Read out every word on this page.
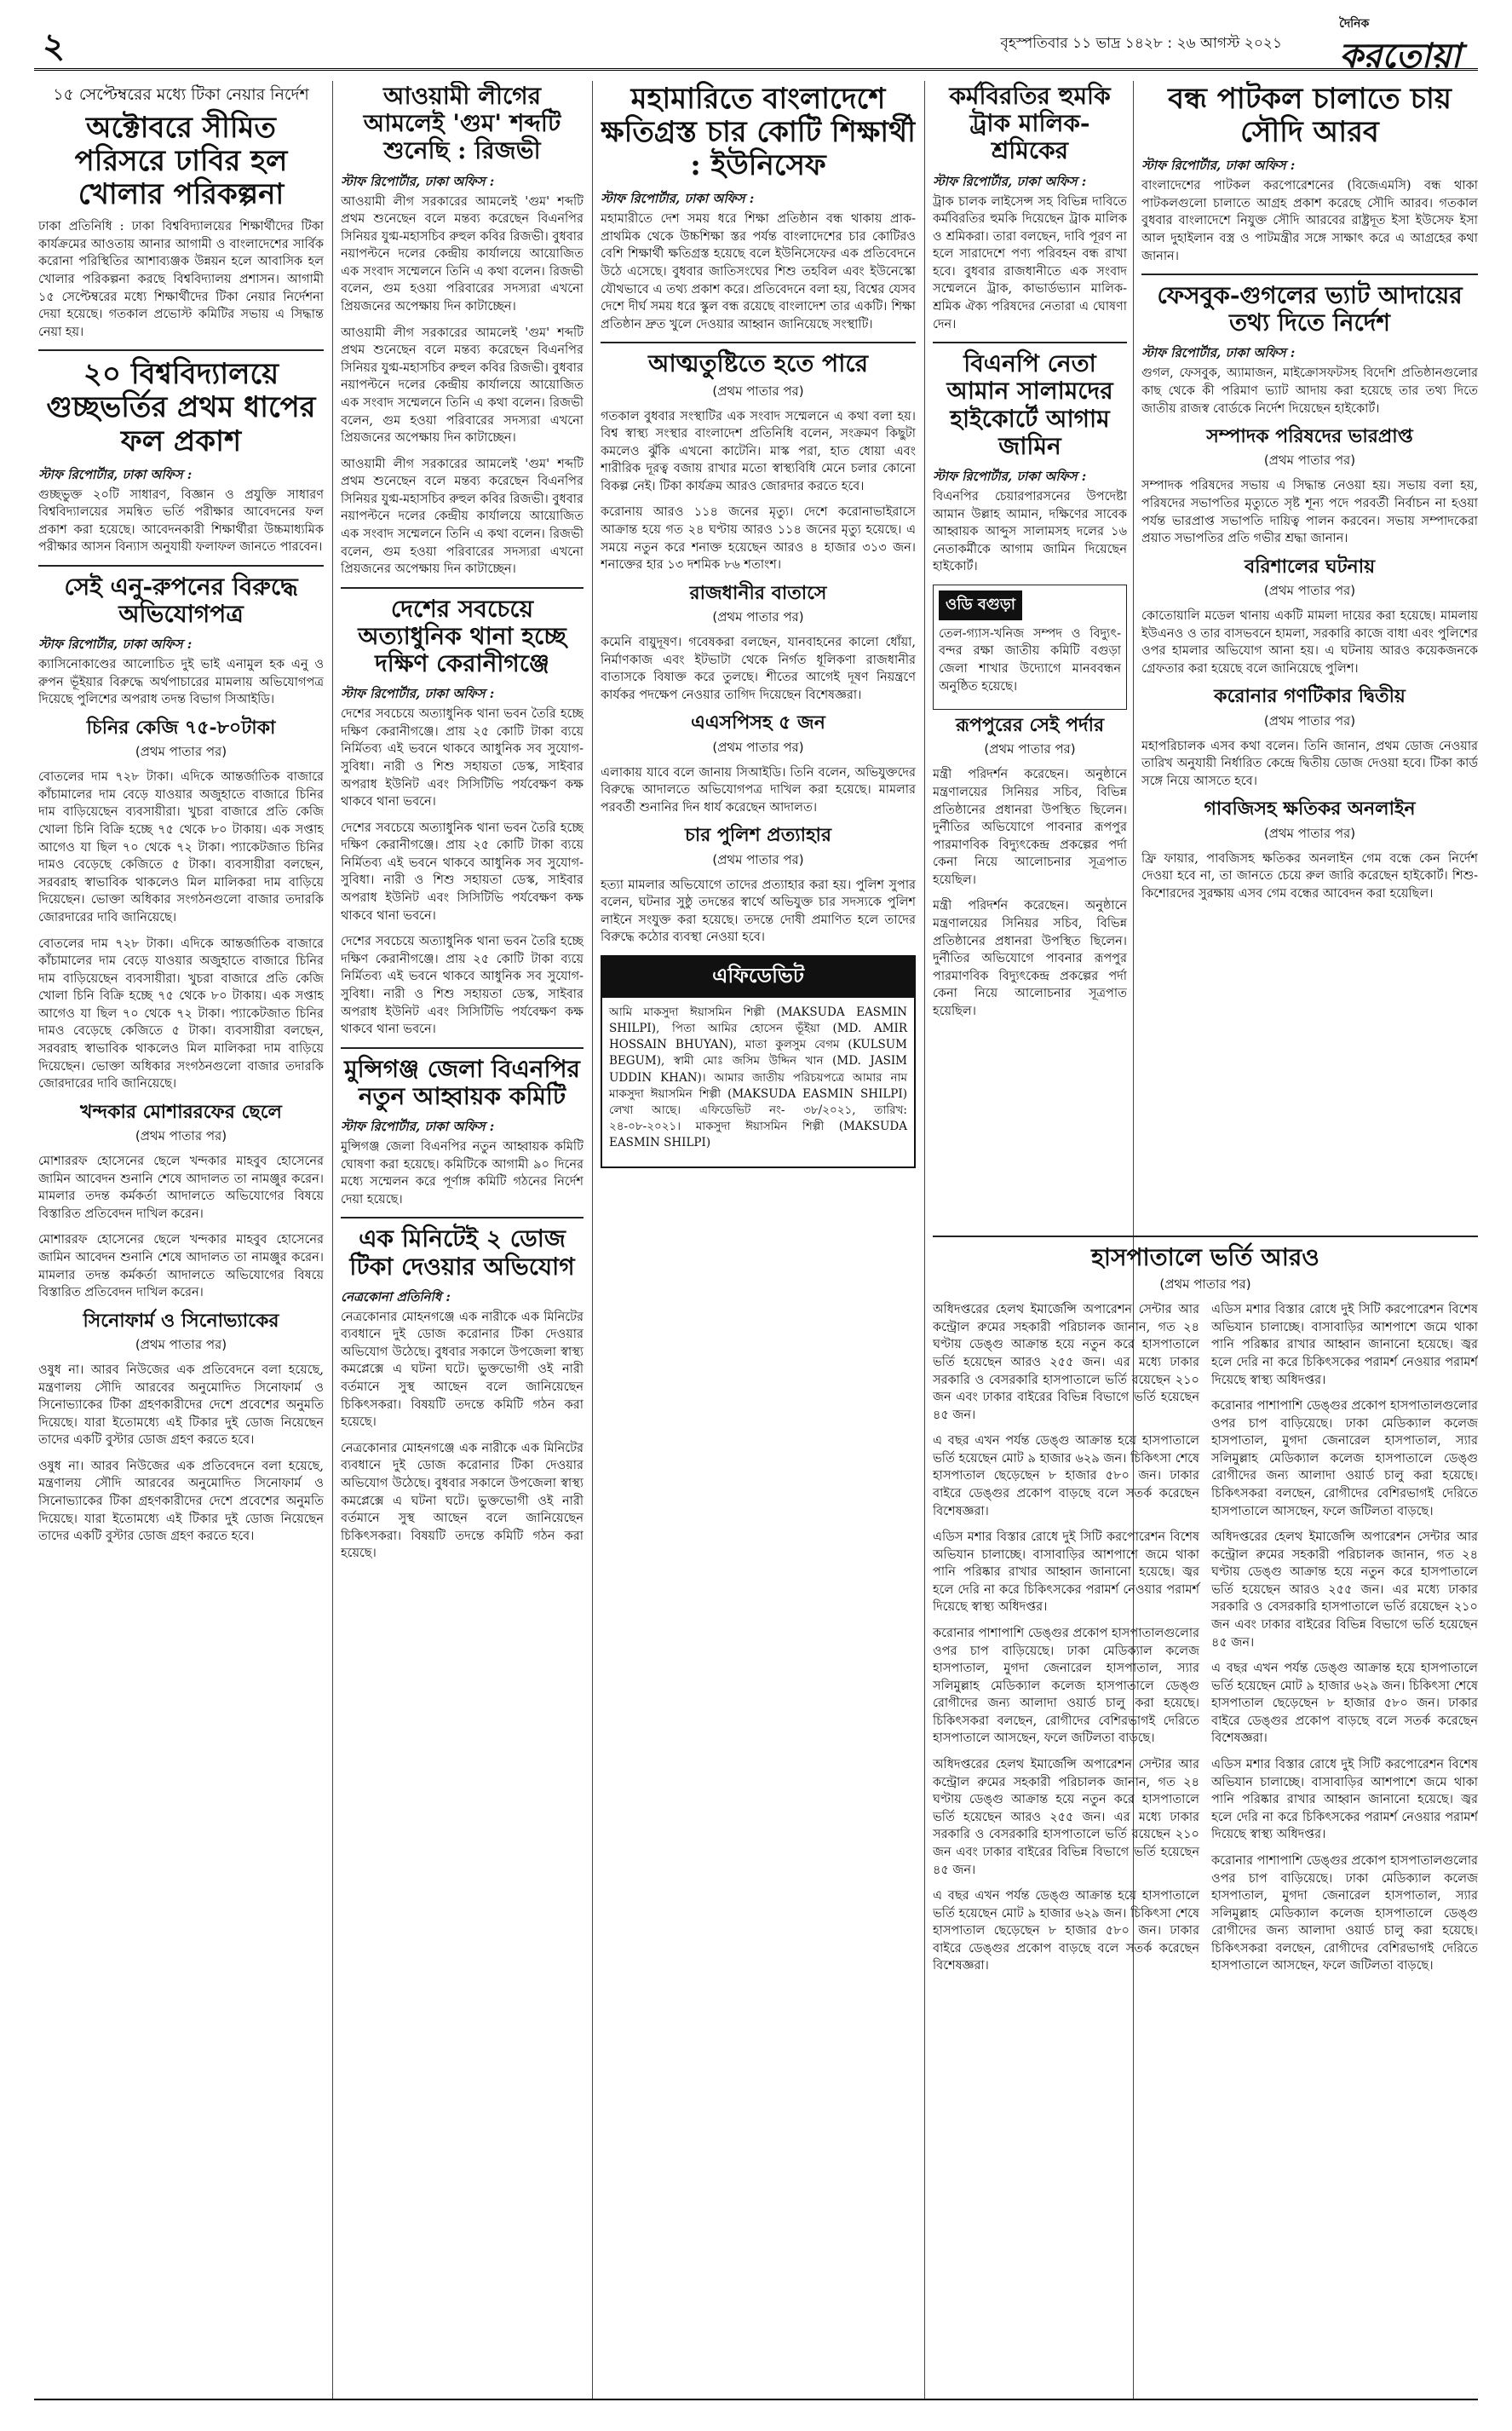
২	বৃহস্পতিবার ১১ ভাদ্র ১৪২৮ : ২৬ আগস্ট ২০২১
দৈনিক
করতোয়া
১৫ সেপ্টেম্বরের মধ্যে টিকা নেয়ার নির্দেশ
অক্টোবরে সীমিত পরিসরে ঢাবির হল খোলার পরিকল্পনা

ঢাকা প্রতিনিধি : ঢাকা বিশ্ববিদ্যালয়ের শিক্ষার্থীদের টিকা কার্যক্রমের আওতায় আনার আগামী ও বাংলাদেশের সার্বিক করোনা পরিস্থিতির আশাব্যঞ্জক উন্নয়ন হলে আবাসিক হল খোলার পরিকল্পনা করছে বিশ্ববিদ্যালয় প্রশাসন। আগামী ১৫ সেপ্টেম্বরের মধ্যে শিক্ষার্থীদের টিকা নেয়ার নির্দেশনা দেয়া হয়েছে। গতকাল প্রভোস্ট কমিটির সভায় এ সিদ্ধান্ত নেয়া হয়।

২০ বিশ্ববিদ্যালয়ে গুচ্ছভর্তির প্রথম ধাপের ফল প্রকাশ
স্টাফ রিপোর্টার, ঢাকা অফিস :

গুচ্ছভুক্ত ২০টি সাধারণ, বিজ্ঞান ও প্রযুক্তি সাধারণ বিশ্ববিদ্যালয়ের সমন্বিত ভর্তি পরীক্ষার আবেদনের ফল প্রকাশ করা হয়েছে। আবেদনকারী শিক্ষার্থীরা উচ্চমাধ্যমিক পরীক্ষার আসন বিন্যাস অনুযায়ী ফলাফল জানতে পারবেন।

সেই এনু-রুপনের বিরুদ্ধে অভিযোগপত্র
স্টাফ রিপোর্টার, ঢাকা অফিস :

ক্যাসিনোকাণ্ডের আলোচিত দুই ভাই এনামুল হক এনু ও রুপন ভূঁইয়ার বিরুদ্ধে অর্থপাচারের মামলায় অভিযোগপত্র দিয়েছে পুলিশের অপরাধ তদন্ত বিভাগ সিআইডি।

চিনির কেজি ৭৫-৮০টাকা
(প্রথম পাতার পর)

বোতলের দাম ৭২৮ টাকা। এদিকে আন্তর্জাতিক বাজারে কাঁচামালের দাম বেড়ে যাওয়ার অজুহাতে বাজারে চিনির দাম বাড়িয়েছেন ব্যবসায়ীরা। খুচরা বাজারে প্রতি কেজি খোলা চিনি বিক্রি হচ্ছে ৭৫ থেকে ৮০ টাকায়। এক সপ্তাহ আগেও যা ছিল ৭০ থেকে ৭২ টাকা। প্যাকেটজাত চিনির দামও বেড়েছে কেজিতে ৫ টাকা। ব্যবসায়ীরা বলছেন, সরবরাহ স্বাভাবিক থাকলেও মিল মালিকরা দাম বাড়িয়ে দিয়েছেন। ভোক্তা অধিকার সংগঠনগুলো বাজার তদারকি জোরদারের দাবি জানিয়েছে।

বোতলের দাম ৭২৮ টাকা। এদিকে আন্তর্জাতিক বাজারে কাঁচামালের দাম বেড়ে যাওয়ার অজুহাতে বাজারে চিনির দাম বাড়িয়েছেন ব্যবসায়ীরা। খুচরা বাজারে প্রতি কেজি খোলা চিনি বিক্রি হচ্ছে ৭৫ থেকে ৮০ টাকায়। এক সপ্তাহ আগেও যা ছিল ৭০ থেকে ৭২ টাকা। প্যাকেটজাত চিনির দামও বেড়েছে কেজিতে ৫ টাকা। ব্যবসায়ীরা বলছেন, সরবরাহ স্বাভাবিক থাকলেও মিল মালিকরা দাম বাড়িয়ে দিয়েছেন। ভোক্তা অধিকার সংগঠনগুলো বাজার তদারকি জোরদারের দাবি জানিয়েছে।

খন্দকার মোশাররফের ছেলে
(প্রথম পাতার পর)

মোশাররফ হোসেনের ছেলে খন্দকার মাহবুব হোসেনের জামিন আবেদন শুনানি শেষে আদালত তা নামঞ্জুর করেন। মামলার তদন্ত কর্মকর্তা আদালতে অভিযোগের বিষয়ে বিস্তারিত প্রতিবেদন দাখিল করেন।

মোশাররফ হোসেনের ছেলে খন্দকার মাহবুব হোসেনের জামিন আবেদন শুনানি শেষে আদালত তা নামঞ্জুর করেন। মামলার তদন্ত কর্মকর্তা আদালতে অভিযোগের বিষয়ে বিস্তারিত প্রতিবেদন দাখিল করেন।

সিনোফার্ম ও সিনোভ্যাকের
(প্রথম পাতার পর)

ওষুধ না। আরব নিউজের এক প্রতিবেদনে বলা হয়েছে, মন্ত্রণালয় সৌদি আরবের অনুমোদিত সিনোফার্ম ও সিনোভ্যাকের টিকা গ্রহণকারীদের দেশে প্রবেশের অনুমতি দিয়েছে। যারা ইতোমধ্যে এই টিকার দুই ডোজ নিয়েছেন তাদের একটি বুস্টার ডোজ গ্রহণ করতে হবে।

ওষুধ না। আরব নিউজের এক প্রতিবেদনে বলা হয়েছে, মন্ত্রণালয় সৌদি আরবের অনুমোদিত সিনোফার্ম ও সিনোভ্যাকের টিকা গ্রহণকারীদের দেশে প্রবেশের অনুমতি দিয়েছে। যারা ইতোমধ্যে এই টিকার দুই ডোজ নিয়েছেন তাদের একটি বুস্টার ডোজ গ্রহণ করতে হবে।

আওয়ামী লীগের আমলেই 'গুম' শব্দটি শুনেছি : রিজভী
স্টাফ রিপোর্টার, ঢাকা অফিস :

আওয়ামী লীগ সরকারের আমলেই 'গুম' শব্দটি প্রথম শুনেছেন বলে মন্তব্য করেছেন বিএনপির সিনিয়র যুগ্ম-মহাসচিব রুহুল কবির রিজভী। বুধবার নয়াপল্টনে দলের কেন্দ্রীয় কার্যালয়ে আয়োজিত এক সংবাদ সম্মেলনে তিনি এ কথা বলেন। রিজভী বলেন, গুম হওয়া পরিবারের সদস্যরা এখনো প্রিয়জনের অপেক্ষায় দিন কাটাচ্ছেন।

আওয়ামী লীগ সরকারের আমলেই 'গুম' শব্দটি প্রথম শুনেছেন বলে মন্তব্য করেছেন বিএনপির সিনিয়র যুগ্ম-মহাসচিব রুহুল কবির রিজভী। বুধবার নয়াপল্টনে দলের কেন্দ্রীয় কার্যালয়ে আয়োজিত এক সংবাদ সম্মেলনে তিনি এ কথা বলেন। রিজভী বলেন, গুম হওয়া পরিবারের সদস্যরা এখনো প্রিয়জনের অপেক্ষায় দিন কাটাচ্ছেন।

আওয়ামী লীগ সরকারের আমলেই 'গুম' শব্দটি প্রথম শুনেছেন বলে মন্তব্য করেছেন বিএনপির সিনিয়র যুগ্ম-মহাসচিব রুহুল কবির রিজভী। বুধবার নয়াপল্টনে দলের কেন্দ্রীয় কার্যালয়ে আয়োজিত এক সংবাদ সম্মেলনে তিনি এ কথা বলেন। রিজভী বলেন, গুম হওয়া পরিবারের সদস্যরা এখনো প্রিয়জনের অপেক্ষায় দিন কাটাচ্ছেন।

দেশের সবচেয়ে অত্যাধুনিক থানা হচ্ছে দক্ষিণ কেরানীগঞ্জে
স্টাফ রিপোর্টার, ঢাকা অফিস :

দেশের সবচেয়ে অত্যাধুনিক থানা ভবন তৈরি হচ্ছে দক্ষিণ কেরানীগঞ্জে। প্রায় ২৫ কোটি টাকা ব্যয়ে নির্মিতব্য এই ভবনে থাকবে আধুনিক সব সুযোগ-সুবিধা। নারী ও শিশু সহায়তা ডেস্ক, সাইবার অপরাধ ইউনিট এবং সিসিটিভি পর্যবেক্ষণ কক্ষ থাকবে থানা ভবনে।

দেশের সবচেয়ে অত্যাধুনিক থানা ভবন তৈরি হচ্ছে দক্ষিণ কেরানীগঞ্জে। প্রায় ২৫ কোটি টাকা ব্যয়ে নির্মিতব্য এই ভবনে থাকবে আধুনিক সব সুযোগ-সুবিধা। নারী ও শিশু সহায়তা ডেস্ক, সাইবার অপরাধ ইউনিট এবং সিসিটিভি পর্যবেক্ষণ কক্ষ থাকবে থানা ভবনে।

দেশের সবচেয়ে অত্যাধুনিক থানা ভবন তৈরি হচ্ছে দক্ষিণ কেরানীগঞ্জে। প্রায় ২৫ কোটি টাকা ব্যয়ে নির্মিতব্য এই ভবনে থাকবে আধুনিক সব সুযোগ-সুবিধা। নারী ও শিশু সহায়তা ডেস্ক, সাইবার অপরাধ ইউনিট এবং সিসিটিভি পর্যবেক্ষণ কক্ষ থাকবে থানা ভবনে।

মুন্সিগঞ্জ জেলা বিএনপির নতুন আহ্বায়ক কমিটি
স্টাফ রিপোর্টার, ঢাকা অফিস :

মুন্সিগঞ্জ জেলা বিএনপির নতুন আহ্বায়ক কমিটি ঘোষণা করা হয়েছে। কমিটিকে আগামী ৯০ দিনের মধ্যে সম্মেলন করে পূর্ণাঙ্গ কমিটি গঠনের নির্দেশ দেয়া হয়েছে।

এক মিনিটেই ২ ডোজ টিকা দেওয়ার অভিযোগ
নেত্রকোনা প্রতিনিধি :

নেত্রকোনার মোহনগঞ্জে এক নারীকে এক মিনিটের ব্যবধানে দুই ডোজ করোনার টিকা দেওয়ার অভিযোগ উঠেছে। বুধবার সকালে উপজেলা স্বাস্থ্য কমপ্লেক্সে এ ঘটনা ঘটে। ভুক্তভোগী ওই নারী বর্তমানে সুস্থ আছেন বলে জানিয়েছেন চিকিৎসকরা। বিষয়টি তদন্তে কমিটি গঠন করা হয়েছে।

নেত্রকোনার মোহনগঞ্জে এক নারীকে এক মিনিটের ব্যবধানে দুই ডোজ করোনার টিকা দেওয়ার অভিযোগ উঠেছে। বুধবার সকালে উপজেলা স্বাস্থ্য কমপ্লেক্সে এ ঘটনা ঘটে। ভুক্তভোগী ওই নারী বর্তমানে সুস্থ আছেন বলে জানিয়েছেন চিকিৎসকরা। বিষয়টি তদন্তে কমিটি গঠন করা হয়েছে।

মহামারিতে বাংলাদেশে ক্ষতিগ্রস্ত চার কোটি শিক্ষার্থী : ইউনিসেফ
স্টাফ রিপোর্টার, ঢাকা অফিস :

মহামারীতে দেশ সময় ধরে শিক্ষা প্রতিষ্ঠান বন্ধ থাকায় প্রাক-প্রাথমিক থেকে উচ্চশিক্ষা স্তর পর্যন্ত বাংলাদেশের চার কোটিরও বেশি শিক্ষার্থী ক্ষতিগ্রস্ত হয়েছে বলে ইউনিসেফের এক প্রতিবেদনে উঠে এসেছে। বুধবার জাতিসংঘের শিশু তহবিল এবং ইউনেস্কো যৌথভাবে এ তথ্য প্রকাশ করে। প্রতিবেদনে বলা হয়, বিশ্বের যেসব দেশে দীর্ঘ সময় ধরে স্কুল বন্ধ রয়েছে বাংলাদেশ তার একটি। শিক্ষা প্রতিষ্ঠান দ্রুত খুলে দেওয়ার আহ্বান জানিয়েছে সংস্থাটি।

আত্মতুষ্টিতে হতে পারে
(প্রথম পাতার পর)

গতকাল বুধবার সংস্থাটির এক সংবাদ সম্মেলনে এ কথা বলা হয়। বিশ্ব স্বাস্থ্য সংস্থার বাংলাদেশ প্রতিনিধি বলেন, সংক্রমণ কিছুটা কমলেও ঝুঁকি এখনো কাটেনি। মাস্ক পরা, হাত ধোয়া এবং শারীরিক দূরত্ব বজায় রাখার মতো স্বাস্থ্যবিধি মেনে চলার কোনো বিকল্প নেই। টিকা কার্যক্রম আরও জোরদার করতে হবে।

করোনায় আরও ১১৪ জনের মৃত্যু। দেশে করোনাভাইরাসে আক্রান্ত হয়ে গত ২৪ ঘণ্টায় আরও ১১৪ জনের মৃত্যু হয়েছে। এ সময়ে নতুন করে শনাক্ত হয়েছেন আরও ৪ হাজার ৩১৩ জন। শনাক্তের হার ১৩ দশমিক ৮৬ শতাংশ।

রাজধানীর বাতাসে
(প্রথম পাতার পর)

কমেনি বায়ুদূষণ। গবেষকরা বলছেন, যানবাহনের কালো ধোঁয়া, নির্মাণকাজ এবং ইটভাটা থেকে নির্গত ধূলিকণা রাজধানীর বাতাসকে বিষাক্ত করে তুলছে। শীতের আগেই দূষণ নিয়ন্ত্রণে কার্যকর পদক্ষেপ নেওয়ার তাগিদ দিয়েছেন বিশেষজ্ঞরা।

এএসপিসহ ৫ জন
(প্রথম পাতার পর)

এলাকায় যাবে বলে জানায় সিআইডি। তিনি বলেন, অভিযুক্তদের বিরুদ্ধে আদালতে অভিযোগপত্র দাখিল করা হয়েছে। মামলার পরবর্তী শুনানির দিন ধার্য করেছেন আদালত।

চার পুলিশ প্রত্যাহার
(প্রথম পাতার পর)

হত্যা মামলার অভিযোগে তাদের প্রত্যাহার করা হয়। পুলিশ সুপার বলেন, ঘটনার সুষ্ঠু তদন্তের স্বার্থে অভিযুক্ত চার সদস্যকে পুলিশ লাইনে সংযুক্ত করা হয়েছে। তদন্তে দোষী প্রমাণিত হলে তাদের বিরুদ্ধে কঠোর ব্যবস্থা নেওয়া হবে।

এফিডেভিট

আমি মাকসুদা ঈয়াসমিন শিল্পী (MAKSUDA EASMIN SHILPI), পিতা আমির হোসেন ভূঁইয়া (MD. AMIR HOSSAIN BHUYAN), মাতা কুলসুম বেগম (KULSUM BEGUM), স্বামী মোঃ জসিম উদ্দিন খান (MD. JASIM UDDIN KHAN)। আমার জাতীয় পরিচয়পত্রে আমার নাম মাকসুদা ঈয়াসমিন শিল্পী (MAKSUDA EASMIN SHILPI) লেখা আছে। এফিডেভিট নং- ৩৮/২০২১, তারিখ: ২৪-০৮-২০২১। মাকসুদা ঈয়াসমিন শিল্পী (MAKSUDA EASMIN SHILPI)

কর্মবিরতির হুমকি ট্রাক মালিক-শ্রমিকের
স্টাফ রিপোর্টার, ঢাকা অফিস :

ট্রাক চালক লাইসেন্স সহ বিভিন্ন দাবিতে কর্মবিরতির হুমকি দিয়েছেন ট্রাক মালিক ও শ্রমিকরা। তারা বলছেন, দাবি পূরণ না হলে সারাদেশে পণ্য পরিবহন বন্ধ রাখা হবে। বুধবার রাজধানীতে এক সংবাদ সম্মেলনে ট্রাক, কাভার্ডভ্যান মালিক-শ্রমিক ঐক্য পরিষদের নেতারা এ ঘোষণা দেন।

বিএনপি নেতা আমান সালামদের হাইকোর্টে আগাম জামিন
স্টাফ রিপোর্টার, ঢাকা অফিস :

বিএনপির চেয়ারপারসনের উপদেষ্টা আমান উল্লাহ আমান, দক্ষিণের সাবেক আহ্বায়ক আব্দুস সালামসহ দলের ১৬ নেতাকর্মীকে আগাম জামিন দিয়েছেন হাইকোর্ট।

ওডি বগুড়া

তেল-গ্যাস-খনিজ সম্পদ ও বিদ্যুৎ-বন্দর রক্ষা জাতীয় কমিটি বগুড়া জেলা শাখার উদ্যোগে মানববন্ধন অনুষ্ঠিত হয়েছে।

রূপপুরের সেই পর্দার
(প্রথম পাতার পর)

মন্ত্রী পরিদর্শন করেছেন। অনুষ্ঠানে মন্ত্রণালয়ের সিনিয়র সচিব, বিভিন্ন প্রতিষ্ঠানের প্রধানরা উপস্থিত ছিলেন। দুর্নীতির অভিযোগে পাবনার রূপপুর পারমাণবিক বিদ্যুৎকেন্দ্র প্রকল্পের পর্দা কেনা নিয়ে আলোচনার সূত্রপাত হয়েছিল।

মন্ত্রী পরিদর্শন করেছেন। অনুষ্ঠানে মন্ত্রণালয়ের সিনিয়র সচিব, বিভিন্ন প্রতিষ্ঠানের প্রধানরা উপস্থিত ছিলেন। দুর্নীতির অভিযোগে পাবনার রূপপুর পারমাণবিক বিদ্যুৎকেন্দ্র প্রকল্পের পর্দা কেনা নিয়ে আলোচনার সূত্রপাত হয়েছিল।

বন্ধ পাটকল চালাতে চায় সৌদি আরব
স্টাফ রিপোর্টার, ঢাকা অফিস :

বাংলাদেশের পাটকল করপোরেশনের (বিজেএমসি) বন্ধ থাকা পাটকলগুলো চালাতে আগ্রহ প্রকাশ করেছে সৌদি আরব। গতকাল বুধবার বাংলাদেশে নিযুক্ত সৌদি আরবের রাষ্ট্রদূত ইসা ইউসেফ ইসা আল দুহাইলান বস্ত্র ও পাটমন্ত্রীর সঙ্গে সাক্ষাৎ করে এ আগ্রহের কথা জানান।

ফেসবুক-গুগলের ভ্যাট আদায়ের তথ্য দিতে নির্দেশ
স্টাফ রিপোর্টার, ঢাকা অফিস :

গুগল, ফেসবুক, অ্যামাজন, মাইক্রোসফটসহ বিদেশি প্রতিষ্ঠানগুলোর কাছ থেকে কী পরিমাণ ভ্যাট আদায় করা হয়েছে তার তথ্য দিতে জাতীয় রাজস্ব বোর্ডকে নির্দেশ দিয়েছেন হাইকোর্ট।

সম্পাদক পরিষদের ভারপ্রাপ্ত
(প্রথম পাতার পর)

সম্পাদক পরিষদের সভায় এ সিদ্ধান্ত নেওয়া হয়। সভায় বলা হয়, পরিষদের সভাপতির মৃত্যুতে সৃষ্ট শূন্য পদে পরবর্তী নির্বাচন না হওয়া পর্যন্ত ভারপ্রাপ্ত সভাপতি দায়িত্ব পালন করবেন। সভায় সম্পাদকেরা প্রয়াত সভাপতির প্রতি গভীর শ্রদ্ধা জানান।

বরিশালের ঘটনায়
(প্রথম পাতার পর)

কোতোয়ালি মডেল থানায় একটি মামলা দায়ের করা হয়েছে। মামলায় ইউএনও ও তার বাসভবনে হামলা, সরকারি কাজে বাধা এবং পুলিশের ওপর হামলার অভিযোগ আনা হয়। এ ঘটনায় আরও কয়েকজনকে গ্রেফতার করা হয়েছে বলে জানিয়েছে পুলিশ।

করোনার গণটিকার দ্বিতীয়
(প্রথম পাতার পর)

মহাপরিচালক এসব কথা বলেন। তিনি জানান, প্রথম ডোজ নেওয়ার তারিখ অনুযায়ী নির্ধারিত কেন্দ্রে দ্বিতীয় ডোজ দেওয়া হবে। টিকা কার্ড সঙ্গে নিয়ে আসতে হবে।

গাবজিসহ ক্ষতিকর অনলাইন
(প্রথম পাতার পর)

ফ্রি ফায়ার, পাবজিসহ ক্ষতিকর অনলাইন গেম বন্ধে কেন নির্দেশ দেওয়া হবে না, তা জানতে চেয়ে রুল জারি করেছেন হাইকোর্ট। শিশু-কিশোরদের সুরক্ষায় এসব গেম বন্ধের আবেদন করা হয়েছিল।

হাসপাতালে ভর্তি আরও
(প্রথম পাতার পর)

অধিদপ্তরের হেলথ ইমার্জেন্সি অপারেশন সেন্টার আর কন্ট্রোল রুমের সহকারী পরিচালক জানান, গত ২৪ ঘণ্টায় ডেঙ্গু আক্রান্ত হয়ে নতুন করে হাসপাতালে ভর্তি হয়েছেন আরও ২৫৫ জন। এর মধ্যে ঢাকার সরকারি ও বেসরকারি হাসপাতালে ভর্তি রয়েছেন ২১০ জন এবং ঢাকার বাইরের বিভিন্ন বিভাগে ভর্তি হয়েছেন ৪৫ জন।

এ বছর এখন পর্যন্ত ডেঙ্গু আক্রান্ত হয়ে হাসপাতালে ভর্তি হয়েছেন মোট ৯ হাজার ৬২৯ জন। চিকিৎসা শেষে হাসপাতাল ছেড়েছেন ৮ হাজার ৫৮০ জন। ঢাকার বাইরে ডেঙ্গুর প্রকোপ বাড়ছে বলে সতর্ক করেছেন বিশেষজ্ঞরা।

এডিস মশার বিস্তার রোধে দুই সিটি করপোরেশন বিশেষ অভিযান চালাচ্ছে। বাসাবাড়ির আশপাশে জমে থাকা পানি পরিষ্কার রাখার আহ্বান জানানো হয়েছে। জ্বর হলে দেরি না করে চিকিৎসকের পরামর্শ নেওয়ার পরামর্শ দিয়েছে স্বাস্থ্য অধিদপ্তর।

করোনার পাশাপাশি ডেঙ্গুর প্রকোপ হাসপাতালগুলোর ওপর চাপ বাড়িয়েছে। ঢাকা মেডিক্যাল কলেজ হাসপাতাল, মুগদা জেনারেল হাসপাতাল, স্যার সলিমুল্লাহ মেডিক্যাল কলেজ হাসপাতালে ডেঙ্গু রোগীদের জন্য আলাদা ওয়ার্ড চালু করা হয়েছে। চিকিৎসকরা বলছেন, রোগীদের বেশিরভাগই দেরিতে হাসপাতালে আসছেন, ফলে জটিলতা বাড়ছে।

অধিদপ্তরের হেলথ ইমার্জেন্সি অপারেশন সেন্টার আর কন্ট্রোল রুমের সহকারী পরিচালক জানান, গত ২৪ ঘণ্টায় ডেঙ্গু আক্রান্ত হয়ে নতুন করে হাসপাতালে ভর্তি হয়েছেন আরও ২৫৫ জন। এর মধ্যে ঢাকার সরকারি ও বেসরকারি হাসপাতালে ভর্তি রয়েছেন ২১০ জন এবং ঢাকার বাইরের বিভিন্ন বিভাগে ভর্তি হয়েছেন ৪৫ জন।

এ বছর এখন পর্যন্ত ডেঙ্গু আক্রান্ত হয়ে হাসপাতালে ভর্তি হয়েছেন মোট ৯ হাজার ৬২৯ জন। চিকিৎসা শেষে হাসপাতাল ছেড়েছেন ৮ হাজার ৫৮০ জন। ঢাকার বাইরে ডেঙ্গুর প্রকোপ বাড়ছে বলে সতর্ক করেছেন বিশেষজ্ঞরা।

এডিস মশার বিস্তার রোধে দুই সিটি করপোরেশন বিশেষ অভিযান চালাচ্ছে। বাসাবাড়ির আশপাশে জমে থাকা পানি পরিষ্কার রাখার আহ্বান জানানো হয়েছে। জ্বর হলে দেরি না করে চিকিৎসকের পরামর্শ নেওয়ার পরামর্শ দিয়েছে স্বাস্থ্য অধিদপ্তর।

করোনার পাশাপাশি ডেঙ্গুর প্রকোপ হাসপাতালগুলোর ওপর চাপ বাড়িয়েছে। ঢাকা মেডিক্যাল কলেজ হাসপাতাল, মুগদা জেনারেল হাসপাতাল, স্যার সলিমুল্লাহ মেডিক্যাল কলেজ হাসপাতালে ডেঙ্গু রোগীদের জন্য আলাদা ওয়ার্ড চালু করা হয়েছে। চিকিৎসকরা বলছেন, রোগীদের বেশিরভাগই দেরিতে হাসপাতালে আসছেন, ফলে জটিলতা বাড়ছে।

অধিদপ্তরের হেলথ ইমার্জেন্সি অপারেশন সেন্টার আর কন্ট্রোল রুমের সহকারী পরিচালক জানান, গত ২৪ ঘণ্টায় ডেঙ্গু আক্রান্ত হয়ে নতুন করে হাসপাতালে ভর্তি হয়েছেন আরও ২৫৫ জন। এর মধ্যে ঢাকার সরকারি ও বেসরকারি হাসপাতালে ভর্তি রয়েছেন ২১০ জন এবং ঢাকার বাইরের বিভিন্ন বিভাগে ভর্তি হয়েছেন ৪৫ জন।

এ বছর এখন পর্যন্ত ডেঙ্গু আক্রান্ত হয়ে হাসপাতালে ভর্তি হয়েছেন মোট ৯ হাজার ৬২৯ জন। চিকিৎসা শেষে হাসপাতাল ছেড়েছেন ৮ হাজার ৫৮০ জন। ঢাকার বাইরে ডেঙ্গুর প্রকোপ বাড়ছে বলে সতর্ক করেছেন বিশেষজ্ঞরা।

এডিস মশার বিস্তার রোধে দুই সিটি করপোরেশন বিশেষ অভিযান চালাচ্ছে। বাসাবাড়ির আশপাশে জমে থাকা পানি পরিষ্কার রাখার আহ্বান জানানো হয়েছে। জ্বর হলে দেরি না করে চিকিৎসকের পরামর্শ নেওয়ার পরামর্শ দিয়েছে স্বাস্থ্য অধিদপ্তর।

করোনার পাশাপাশি ডেঙ্গুর প্রকোপ হাসপাতালগুলোর ওপর চাপ বাড়িয়েছে। ঢাকা মেডিক্যাল কলেজ হাসপাতাল, মুগদা জেনারেল হাসপাতাল, স্যার সলিমুল্লাহ মেডিক্যাল কলেজ হাসপাতালে ডেঙ্গু রোগীদের জন্য আলাদা ওয়ার্ড চালু করা হয়েছে। চিকিৎসকরা বলছেন, রোগীদের বেশিরভাগই দেরিতে হাসপাতালে আসছেন, ফলে জটিলতা বাড়ছে।
